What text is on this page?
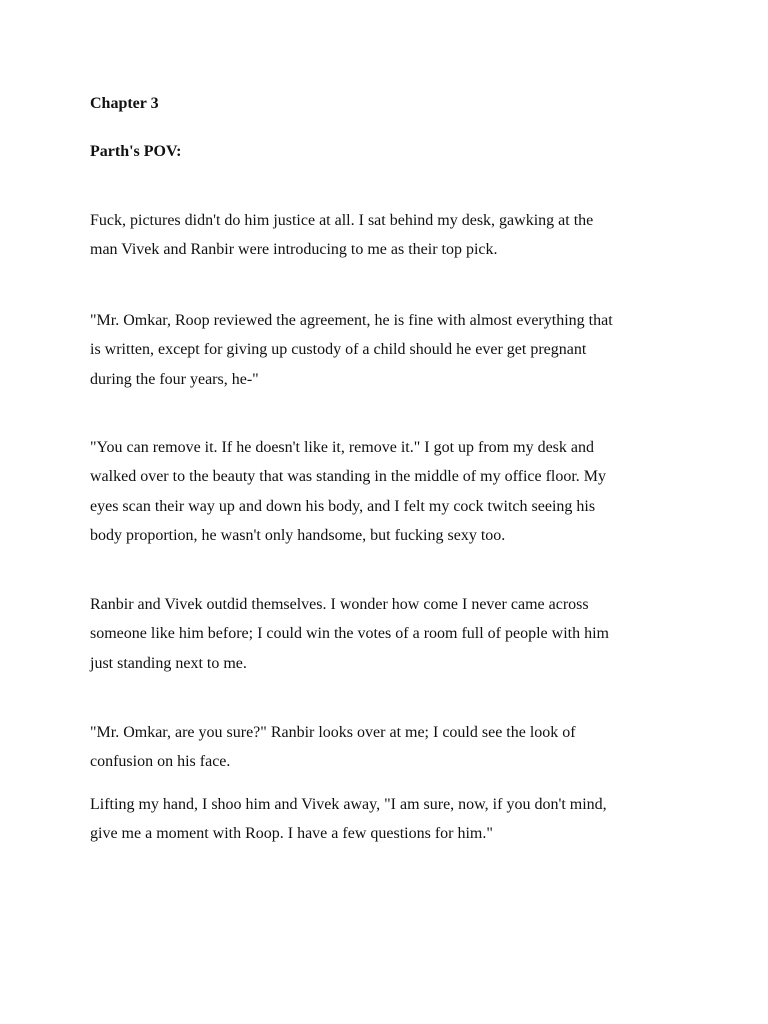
Chapter 3
Parth's POV:

Fuck, pictures didn't do him justice at all. I sat behind my desk, gawking at the
man Vivek and Ranbir were introducing to me as their top pick.

"Mr. Omkar, Roop reviewed the agreement, he is fine with almost everything that
is written, except for giving up custody of a child should he ever get pregnant
during the four years, he-"

"You can remove it. If he doesn't like it, remove it." I got up from my desk and
walked over to the beauty that was standing in the middle of my office floor. My
eyes scan their way up and down his body, and I felt my cock twitch seeing his
body proportion, he wasn't only handsome, but fucking sexy too.

Ranbir and Vivek outdid themselves. I wonder how come I never came across
someone like him before; I could win the votes of a room full of people with him
just standing next to me.

"Mr. Omkar, are you sure?" Ranbir looks over at me; I could see the look of
confusion on his face.

Lifting my hand, I shoo him and Vivek away, "I am sure, now, if you don't mind,
give me a moment with Roop. I have a few questions for him."
